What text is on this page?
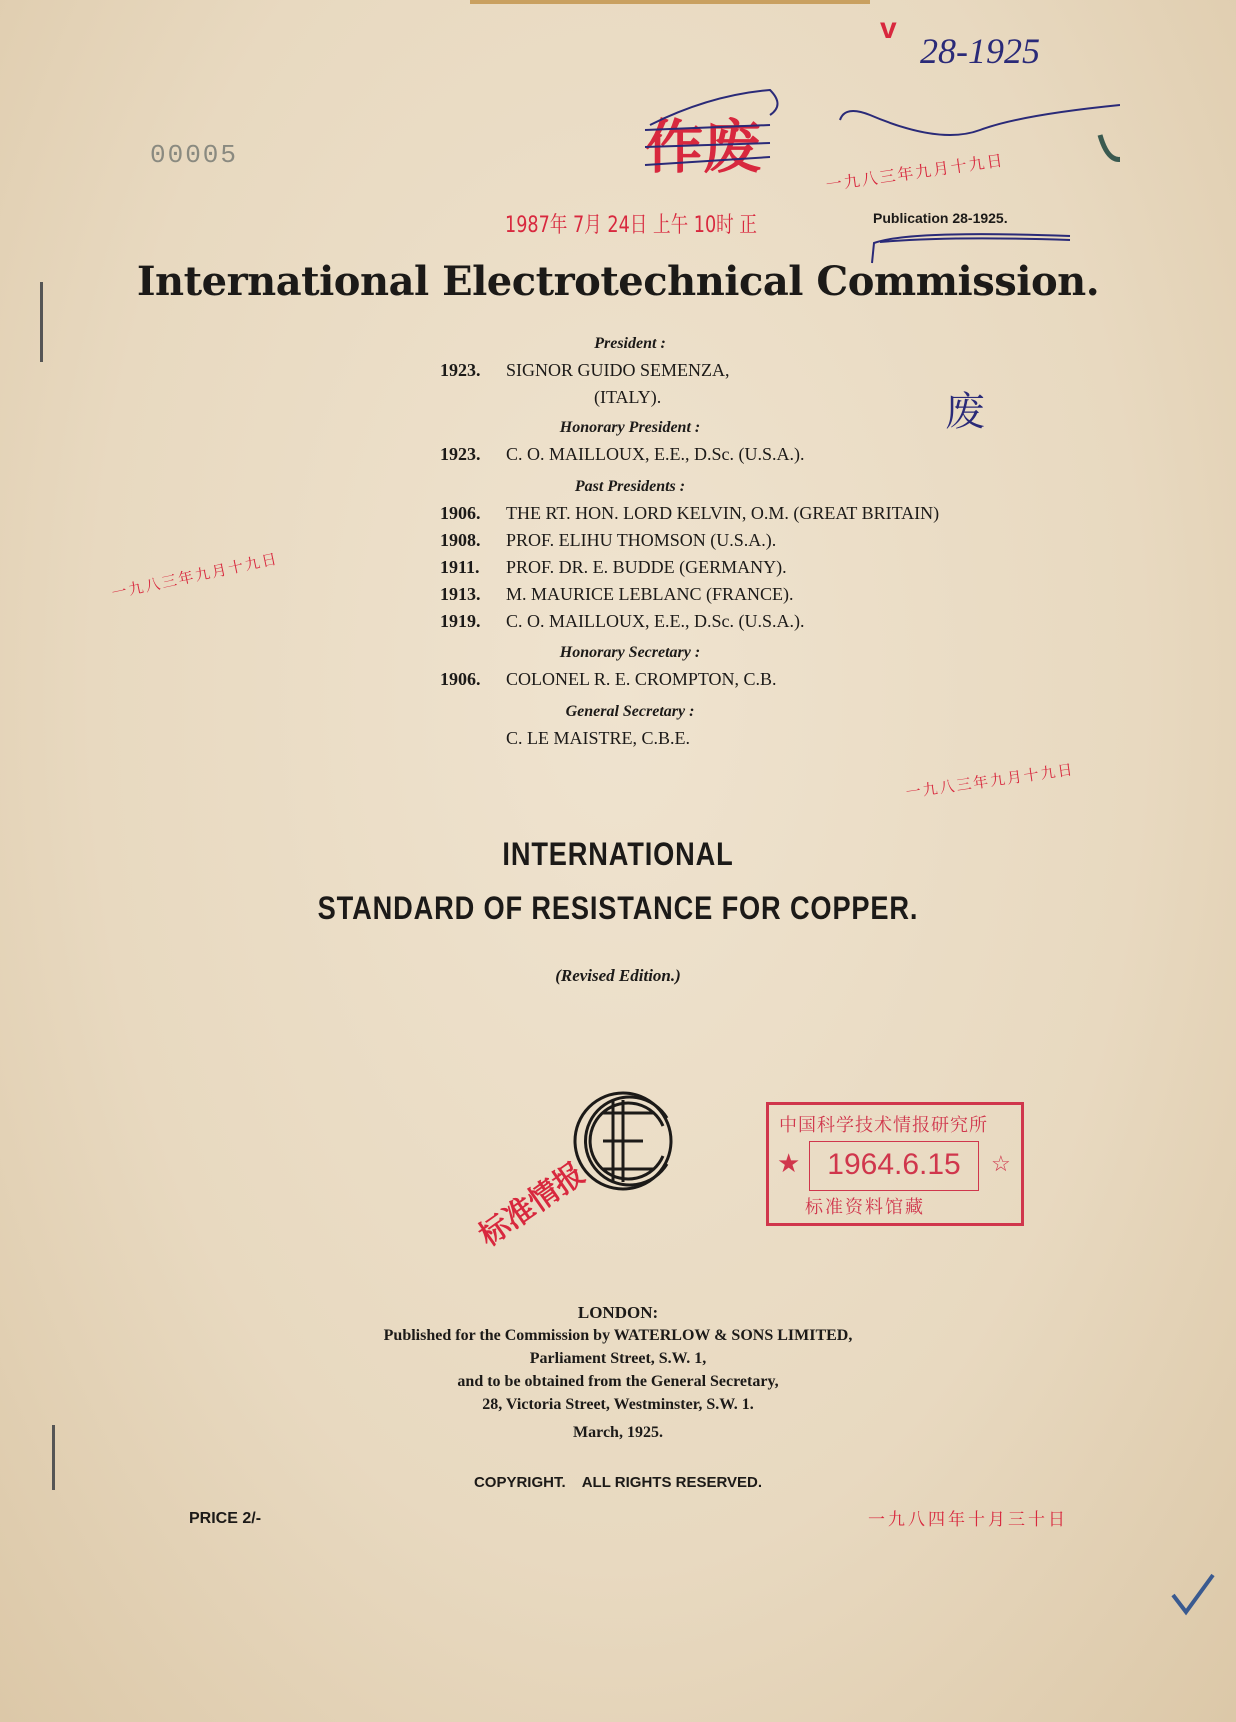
v
28-1925
00005	作废	一九八三年九月十九日
1987年 7月 24日 上午 10时 正	Publication 28-1925.
International Electrotechnical Commission.
President :
1923. SIGNOR GUIDO SEMENZA,
(ITALY).	废
Honorary President :
1923. C. O. MAILLOUX, E.E., D.Sc. (U.S.A.).
Past Presidents :
1906. THE RT. HON. LORD KELVIN, O.M. (GREAT BRITAIN)
1908. PROF. ELIHU THOMSON (U.S.A.).
1911. PROF. DR. E. BUDDE (GERMANY).
1913. M. MAURICE LEBLANC (FRANCE).
1919. C. O. MAILLOUX, E.E., D.Sc. (U.S.A.).
一九八三年九月十九日
Honorary Secretary :
1906. COLONEL R. E. CROMPTON, C.B.
General Secretary :
C. LE MAISTRE, C.B.E.
一九八三年九月十九日
INTERNATIONAL
STANDARD OF RESISTANCE FOR COPPER.
(Revised Edition.)
中国科学技术情报研究所
★	☆
1964.6.15
标准资料馆藏
标准情报
LONDON:
Published for the Commission by WATERLOW & SONS LIMITED,
Parliament Street, S.W. 1,
and to be obtained from the General Secretary,
28, Victoria Street, Westminster, S.W. 1.
March, 1925.
COPYRIGHT.    ALL RIGHTS RESERVED.
PRICE 2/-	一九八四年十月三十日
